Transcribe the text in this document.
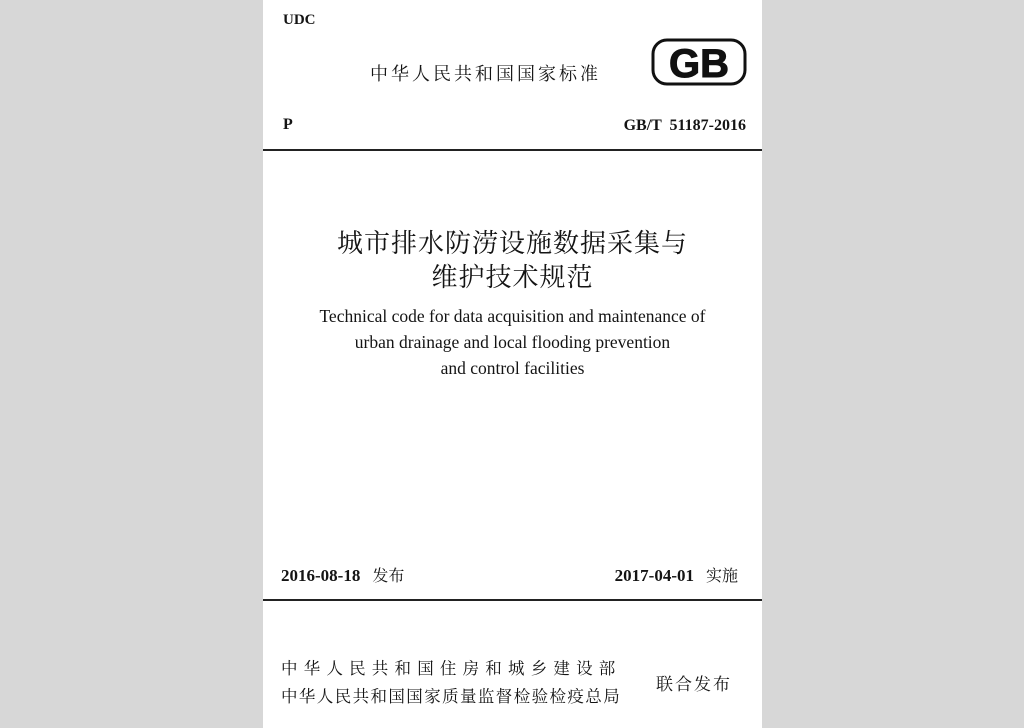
UDC
中华人民共和国国家标准 GB
P	GB/T 51187-2016
城市排水防涝设施数据采集与
维护技术规范
Technical code for data acquisition and maintenance of
urban drainage and local flooding prevention
and control facilities
2016-08-18 发布	2017-04-01 实施
中华人民共和国住房和城乡建设部
中华人民共和国国家质量监督检验检疫总局
联合发布
